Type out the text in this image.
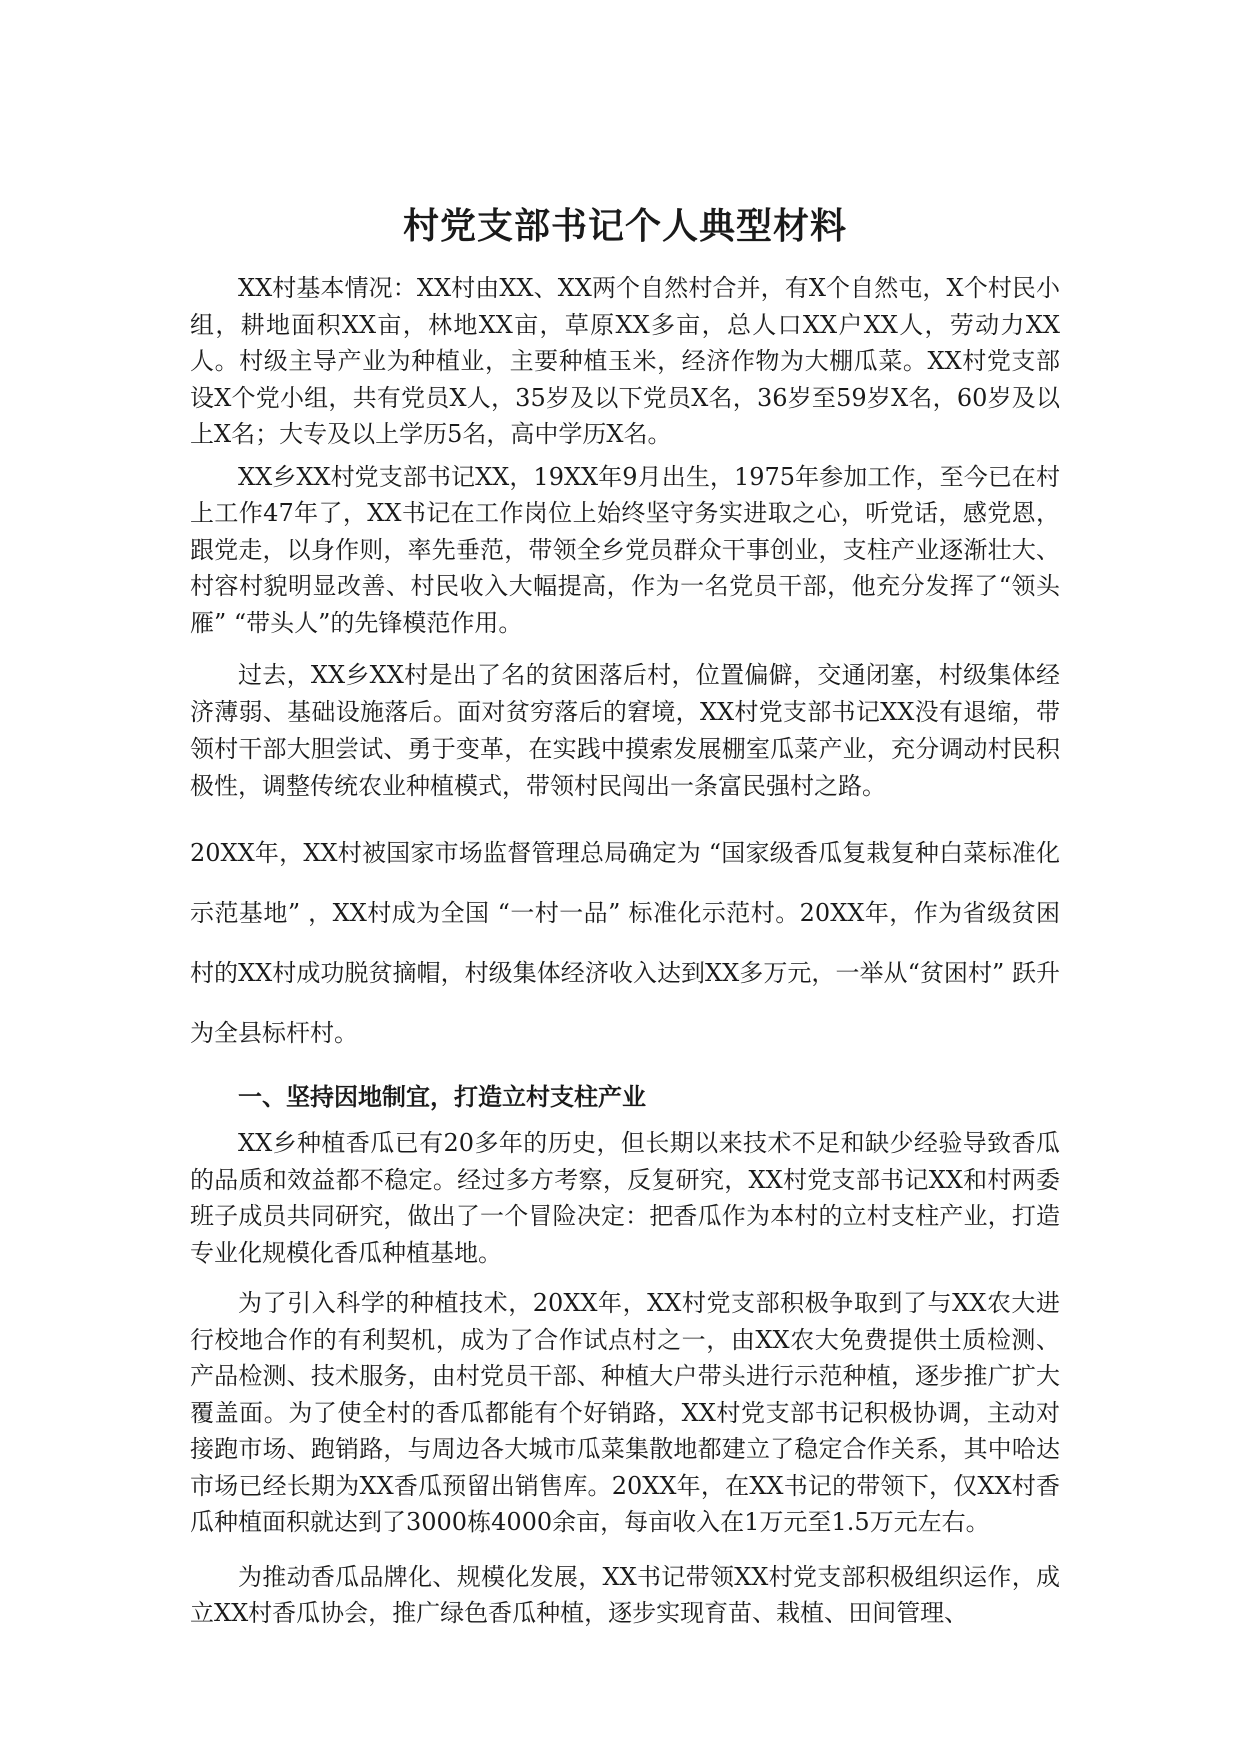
村党支部书记个人典型材料

XX村基本情况：XX村由XX、XX两个自然村合并，有X个自然屯，X个村民小组，耕地面积XX亩，林地XX亩，草原XX多亩，总人口XX户XX人，劳动力XX人。村级主导产业为种植业，主要种植玉米，经济作物为大棚瓜菜。XX村党支部设X个党小组，共有党员X人，35岁及以下党员X名，36岁至59岁X名，60岁及以上X名；大专及以上学历5名，高中学历X名。

XX乡XX村党支部书记XX，19XX年9月出生，1975年参加工作，至今已在村上工作47年了，XX书记在工作岗位上始终坚守务实进取之心，听党话，感党恩，跟党走，以身作则，率先垂范，带领全乡党员群众干事创业，支柱产业逐渐壮大、村容村貌明显改善、村民收入大幅提高，作为一名党员干部，他充分发挥了“领头雁” “带头人”的先锋模范作用。

过去，XX乡XX村是出了名的贫困落后村，位置偏僻，交通闭塞，村级集体经济薄弱、基础设施落后。面对贫穷落后的窘境，XX村党支部书记XX没有退缩，带领村干部大胆尝试、勇于变革，在实践中摸索发展棚室瓜菜产业，充分调动村民积极性，调整传统农业种植模式，带领村民闯出一条富民强村之路。

20XX年，XX村被国家市场监督管理总局确定为 “国家级香瓜复栽复种白菜标准化示范基地” ，XX村成为全国 “一村一品” 标准化示范村。20XX年，作为省级贫困村的XX村成功脱贫摘帽，村级集体经济收入达到XX多万元，一举从“贫困村” 跃升为全县标杆村。

一、坚持因地制宜，打造立村支柱产业

XX乡种植香瓜已有20多年的历史，但长期以来技术不足和缺少经验导致香瓜的品质和效益都不稳定。经过多方考察，反复研究，XX村党支部书记XX和村两委班子成员共同研究，做出了一个冒险决定：把香瓜作为本村的立村支柱产业，打造专业化规模化香瓜种植基地。

为了引入科学的种植技术，20XX年，XX村党支部积极争取到了与XX农大进行校地合作的有利契机，成为了合作试点村之一，由XX农大免费提供土质检测、产品检测、技术服务，由村党员干部、种植大户带头进行示范种植，逐步推广扩大覆盖面。为了使全村的香瓜都能有个好销路，XX村党支部书记积极协调，主动对接跑市场、跑销路，与周边各大城市瓜菜集散地都建立了稳定合作关系，其中哈达市场已经长期为XX香瓜预留出销售库。20XX年，在XX书记的带领下，仅XX村香瓜种植面积就达到了3000栋4000余亩，每亩收入在1万元至1.5万元左右。

为推动香瓜品牌化、规模化发展，XX书记带领XX村党支部积极组织运作，成立XX村香瓜协会，推广绿色香瓜种植，逐步实现育苗、栽植、田间管理、
